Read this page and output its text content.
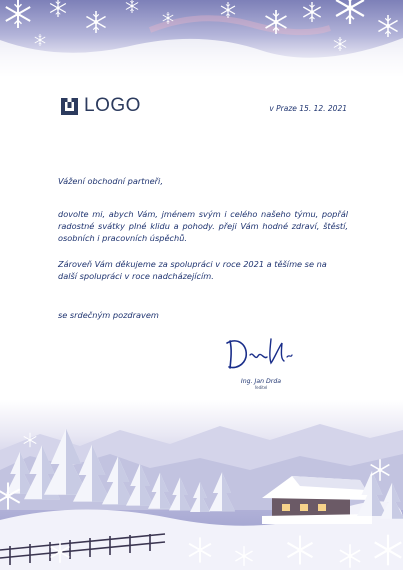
LOGO	v Praze 15. 12. 2021
Vážení obchodní partneři,
dovolte mi, abych Vám, jménem svým i celého našeho týmu, popřál radostné svátky plné klidu a pohody. přeji Vám hodné zdraví, štěstí, osobních i pracovních úspěchů.
Zároveň Vám děkujeme za spolupráci v roce 2021 a těšíme se na další spolupráci v roce nadcházejícím.
se srdečným pozdravem
Ing. Jan Drda
ředitel
